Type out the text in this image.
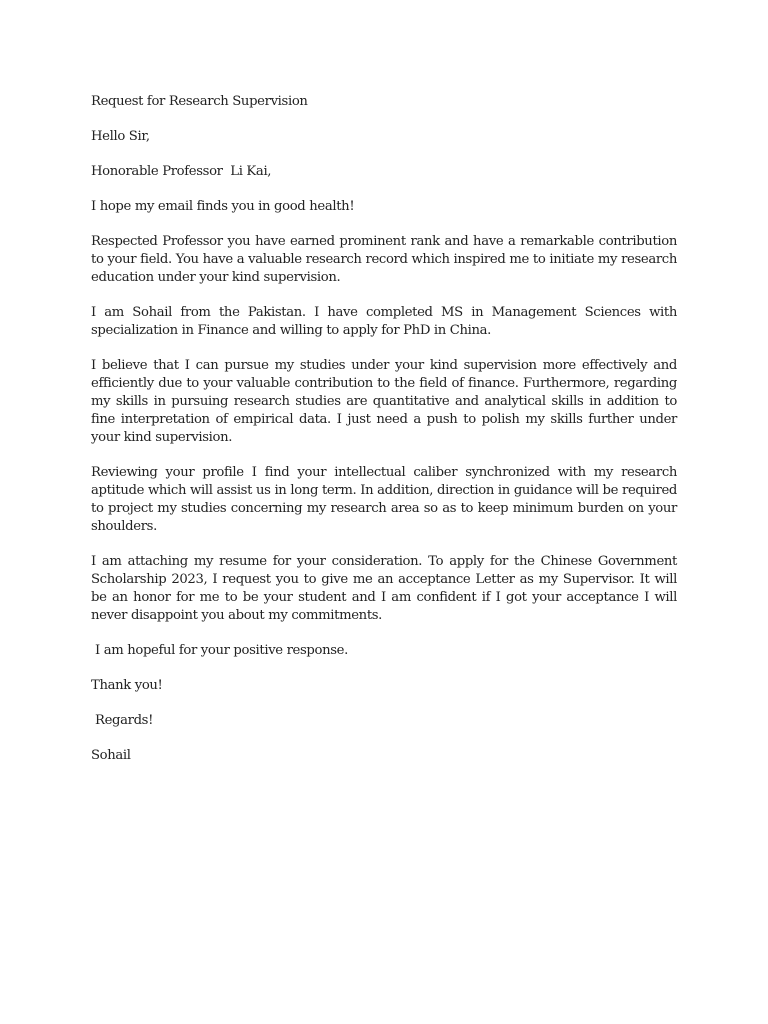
Request for Research Supervision
Hello Sir,
Honorable Professor  Li Kai,
I hope my email finds you in good health!
Respected Professor you have earned prominent rank and have a remarkable contribution to your field. You have a valuable research record which inspired me to initiate my research education under your kind supervision.
I am Sohail from the Pakistan. I have completed MS in Management Sciences with specialization in Finance and willing to apply for PhD in China.
I believe that I can pursue my studies under your kind supervision more effectively and efficiently due to your valuable contribution to the field of finance. Furthermore, regarding my skills in pursuing research studies are quantitative and analytical skills in addition to fine interpretation of empirical data. I just need a push to polish my skills further under your kind supervision.
Reviewing your profile I find your intellectual caliber synchronized with my research aptitude which will assist us in long term. In addition, direction in guidance will be required to project my studies concerning my research area so as to keep minimum burden on your shoulders.
I am attaching my resume for your consideration. To apply for the Chinese Government Scholarship 2023, I request you to give me an acceptance Letter as my Supervisor. It will be an honor for me to be your student and I am confident if I got your acceptance I will never disappoint you about my commitments.
I am hopeful for your positive response.
Thank you!
Regards!
Sohail
